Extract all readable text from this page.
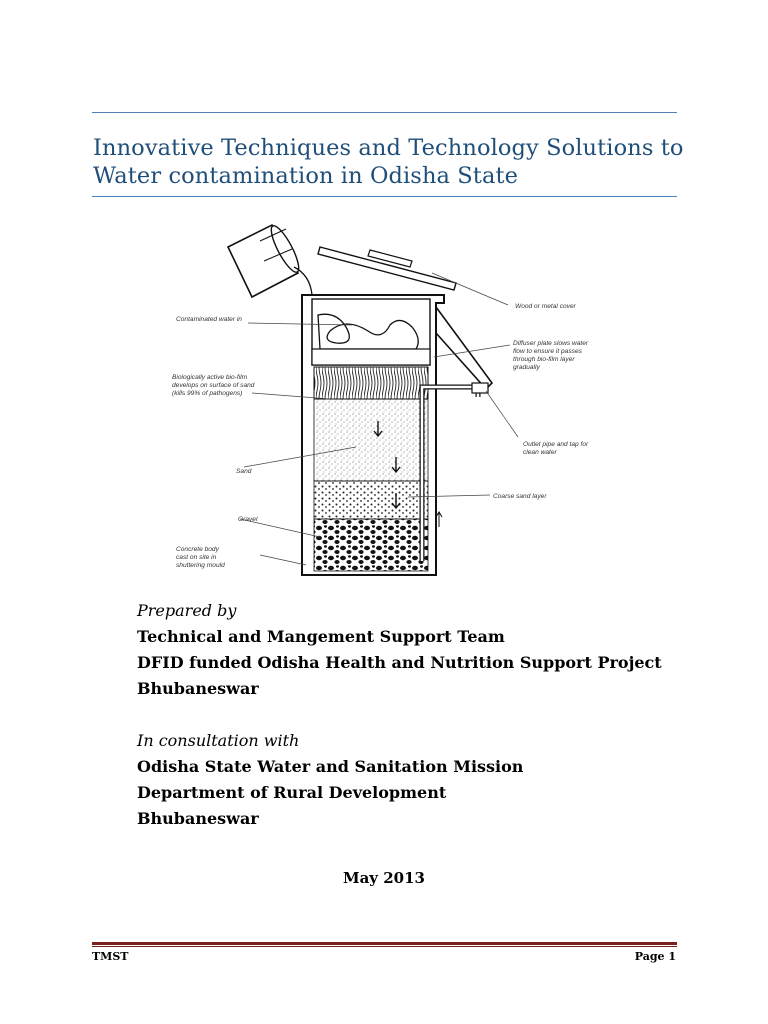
Innovative Techniques and Technology Solutions to
Water contamination in Odisha State
Wood or metal cover
Contaminated water in
Diffuser plate slows water
flow to ensure it passes
through bio-film layer
gradually
Biologically active bio-film
develops on surface of sand
(kills 99% of pathogens)
Outlet pipe and tap for
clean water
Sand
Coarse sand layer
Gravel
Concrete body
cast on site in
shuttering mould
Prepared by
Technical and Mangement Support Team
DFID funded Odisha Health and Nutrition Support Project
Bhubaneswar
In consultation with
Odisha State Water and Sanitation Mission
Department of Rural Development
Bhubaneswar
May 2013
TMST	Page 1
